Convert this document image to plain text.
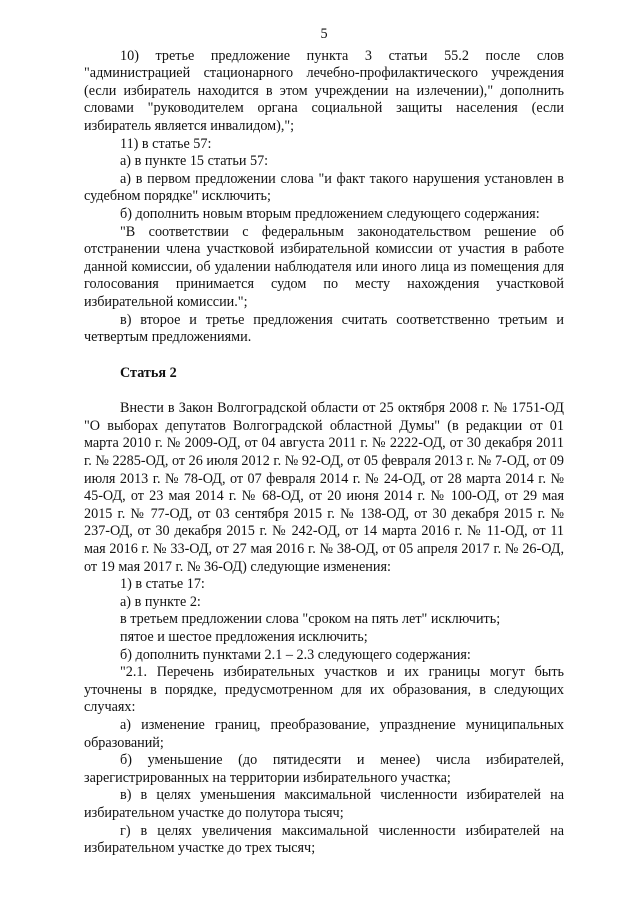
5

10) третье предложение пункта 3 статьи 55.2 после слов "администрацией стационарного лечебно-профилактического учреждения (если избиратель находится в этом учреждении на излечении)," дополнить словами "руководителем органа социальной защиты населения (если избиратель является инвалидом),";

11) в статье 57:

а) в пункте 15 статьи 57:

а) в первом предложении слова "и факт такого нарушения установлен в судебном порядке" исключить;

б) дополнить новым вторым предложением следующего содержания:

"В соответствии с федеральным законодательством решение об отстранении члена участковой избирательной комиссии от участия в работе данной комиссии, об удалении наблюдателя или иного лица из помещения для голосования принимается судом по месту нахождения участковой избирательной комиссии.";

в) второе и третье предложения считать соответственно третьим и четвертым предложениями.

Статья 2

Внести в Закон Волгоградской области от 25 октября 2008 г. № 1751-ОД "О выборах депутатов Волгоградской областной Думы" (в редакции от 01 марта 2010 г. № 2009-ОД, от 04 августа 2011 г. № 2222-ОД, от 30 декабря 2011 г. № 2285-ОД, от 26 июля 2012 г. № 92-ОД, от 05 февраля 2013 г. № 7-ОД, от 09 июля 2013 г. № 78-ОД, от 07 февраля 2014 г. № 24-ОД, от 28 марта 2014 г. № 45-ОД, от 23 мая 2014 г. № 68-ОД, от 20 июня 2014 г. № 100-ОД, от 29 мая 2015 г. № 77-ОД, от 03 сентября 2015 г. № 138-ОД, от 30 декабря 2015 г. № 237-ОД, от 30 декабря 2015 г. № 242-ОД, от 14 марта 2016 г. № 11-ОД, от 11 мая 2016 г. № 33-ОД, от 27 мая 2016 г. № 38-ОД, от 05 апреля 2017 г. № 26-ОД, от 19 мая 2017 г. № 36-ОД) следующие изменения:

1) в статье 17:

а) в пункте 2:

в третьем предложении слова "сроком на пять лет" исключить;

пятое и шестое предложения исключить;

б) дополнить пунктами 2.1 – 2.3 следующего содержания:

"2.1. Перечень избирательных участков и их границы могут быть уточнены в порядке, предусмотренном для их образования, в следующих случаях:

а) изменение границ, преобразование, упразднение муниципальных образований;

б) уменьшение (до пятидесяти и менее) числа избирателей, зарегистрированных на территории избирательного участка;

в) в целях уменьшения максимальной численности избирателей на избирательном участке до полутора тысяч;

г) в целях увеличения максимальной численности избирателей на избирательном участке до трех тысяч;
